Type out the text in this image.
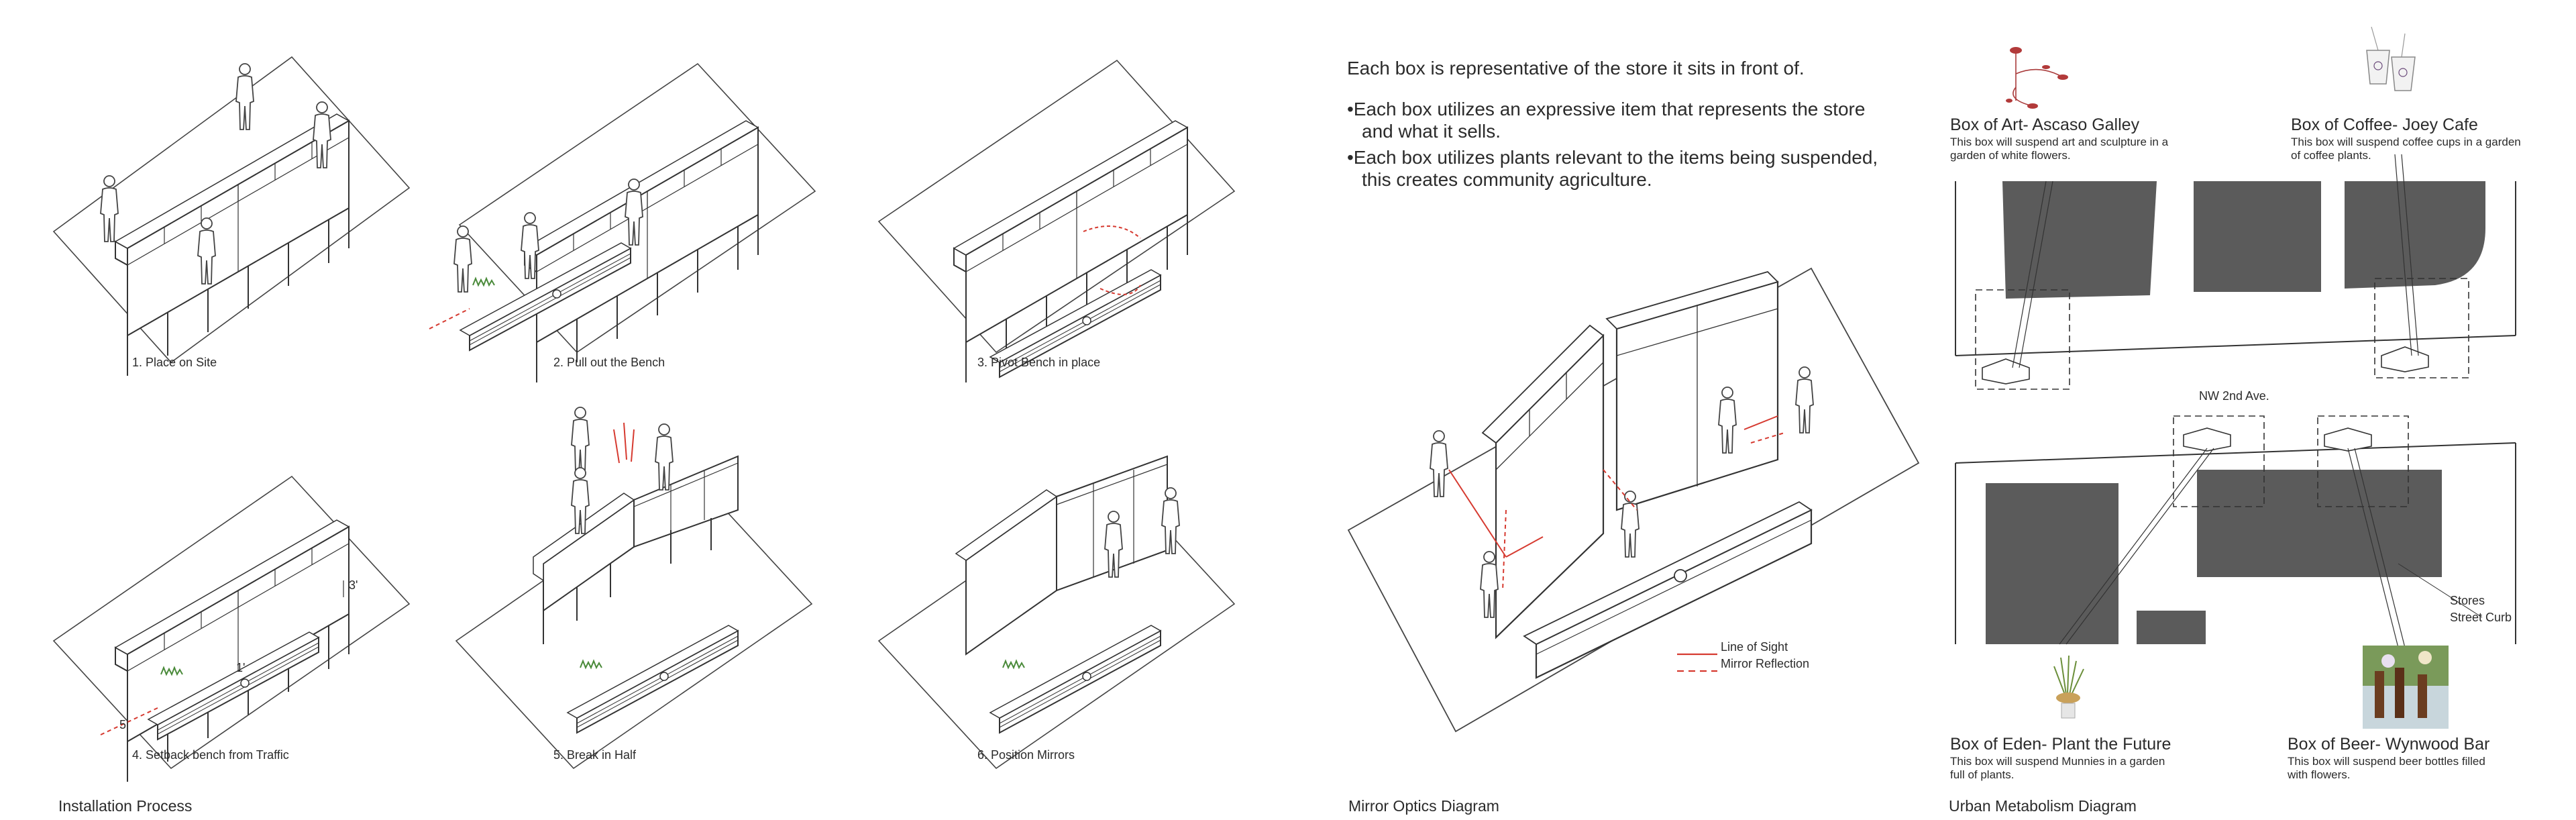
1. Place on Site	2. Pull out the Bench	3. Pivot Bench in place
4. Setback bench from Traffic	5. Break in Half	6. Position Mirrors
3'
1'
5'
Installation Process	Mirror Optics Diagram	Urban Metabolism Diagram
Each box is representative of the store it sits in front of.
•Each box utilizes an expressive item that represents the store
and what it sells.
•Each box utilizes plants relevant to the items being suspended,
this creates community agriculture.
Line of Sight
Mirror Reflection
Box of Art- Ascaso Galley
This box will suspend art and sculpture in a garden of white flowers.
Box of Coffee- Joey Cafe
This box will suspend coffee cups in a garden of coffee plants.
Box of Eden- Plant the Future
This box will suspend Munnies in a garden full of plants.
Box of Beer- Wynwood Bar
This box will suspend beer bottles filled with flowers.
NW 2nd Ave.
Stores
Street Curb
